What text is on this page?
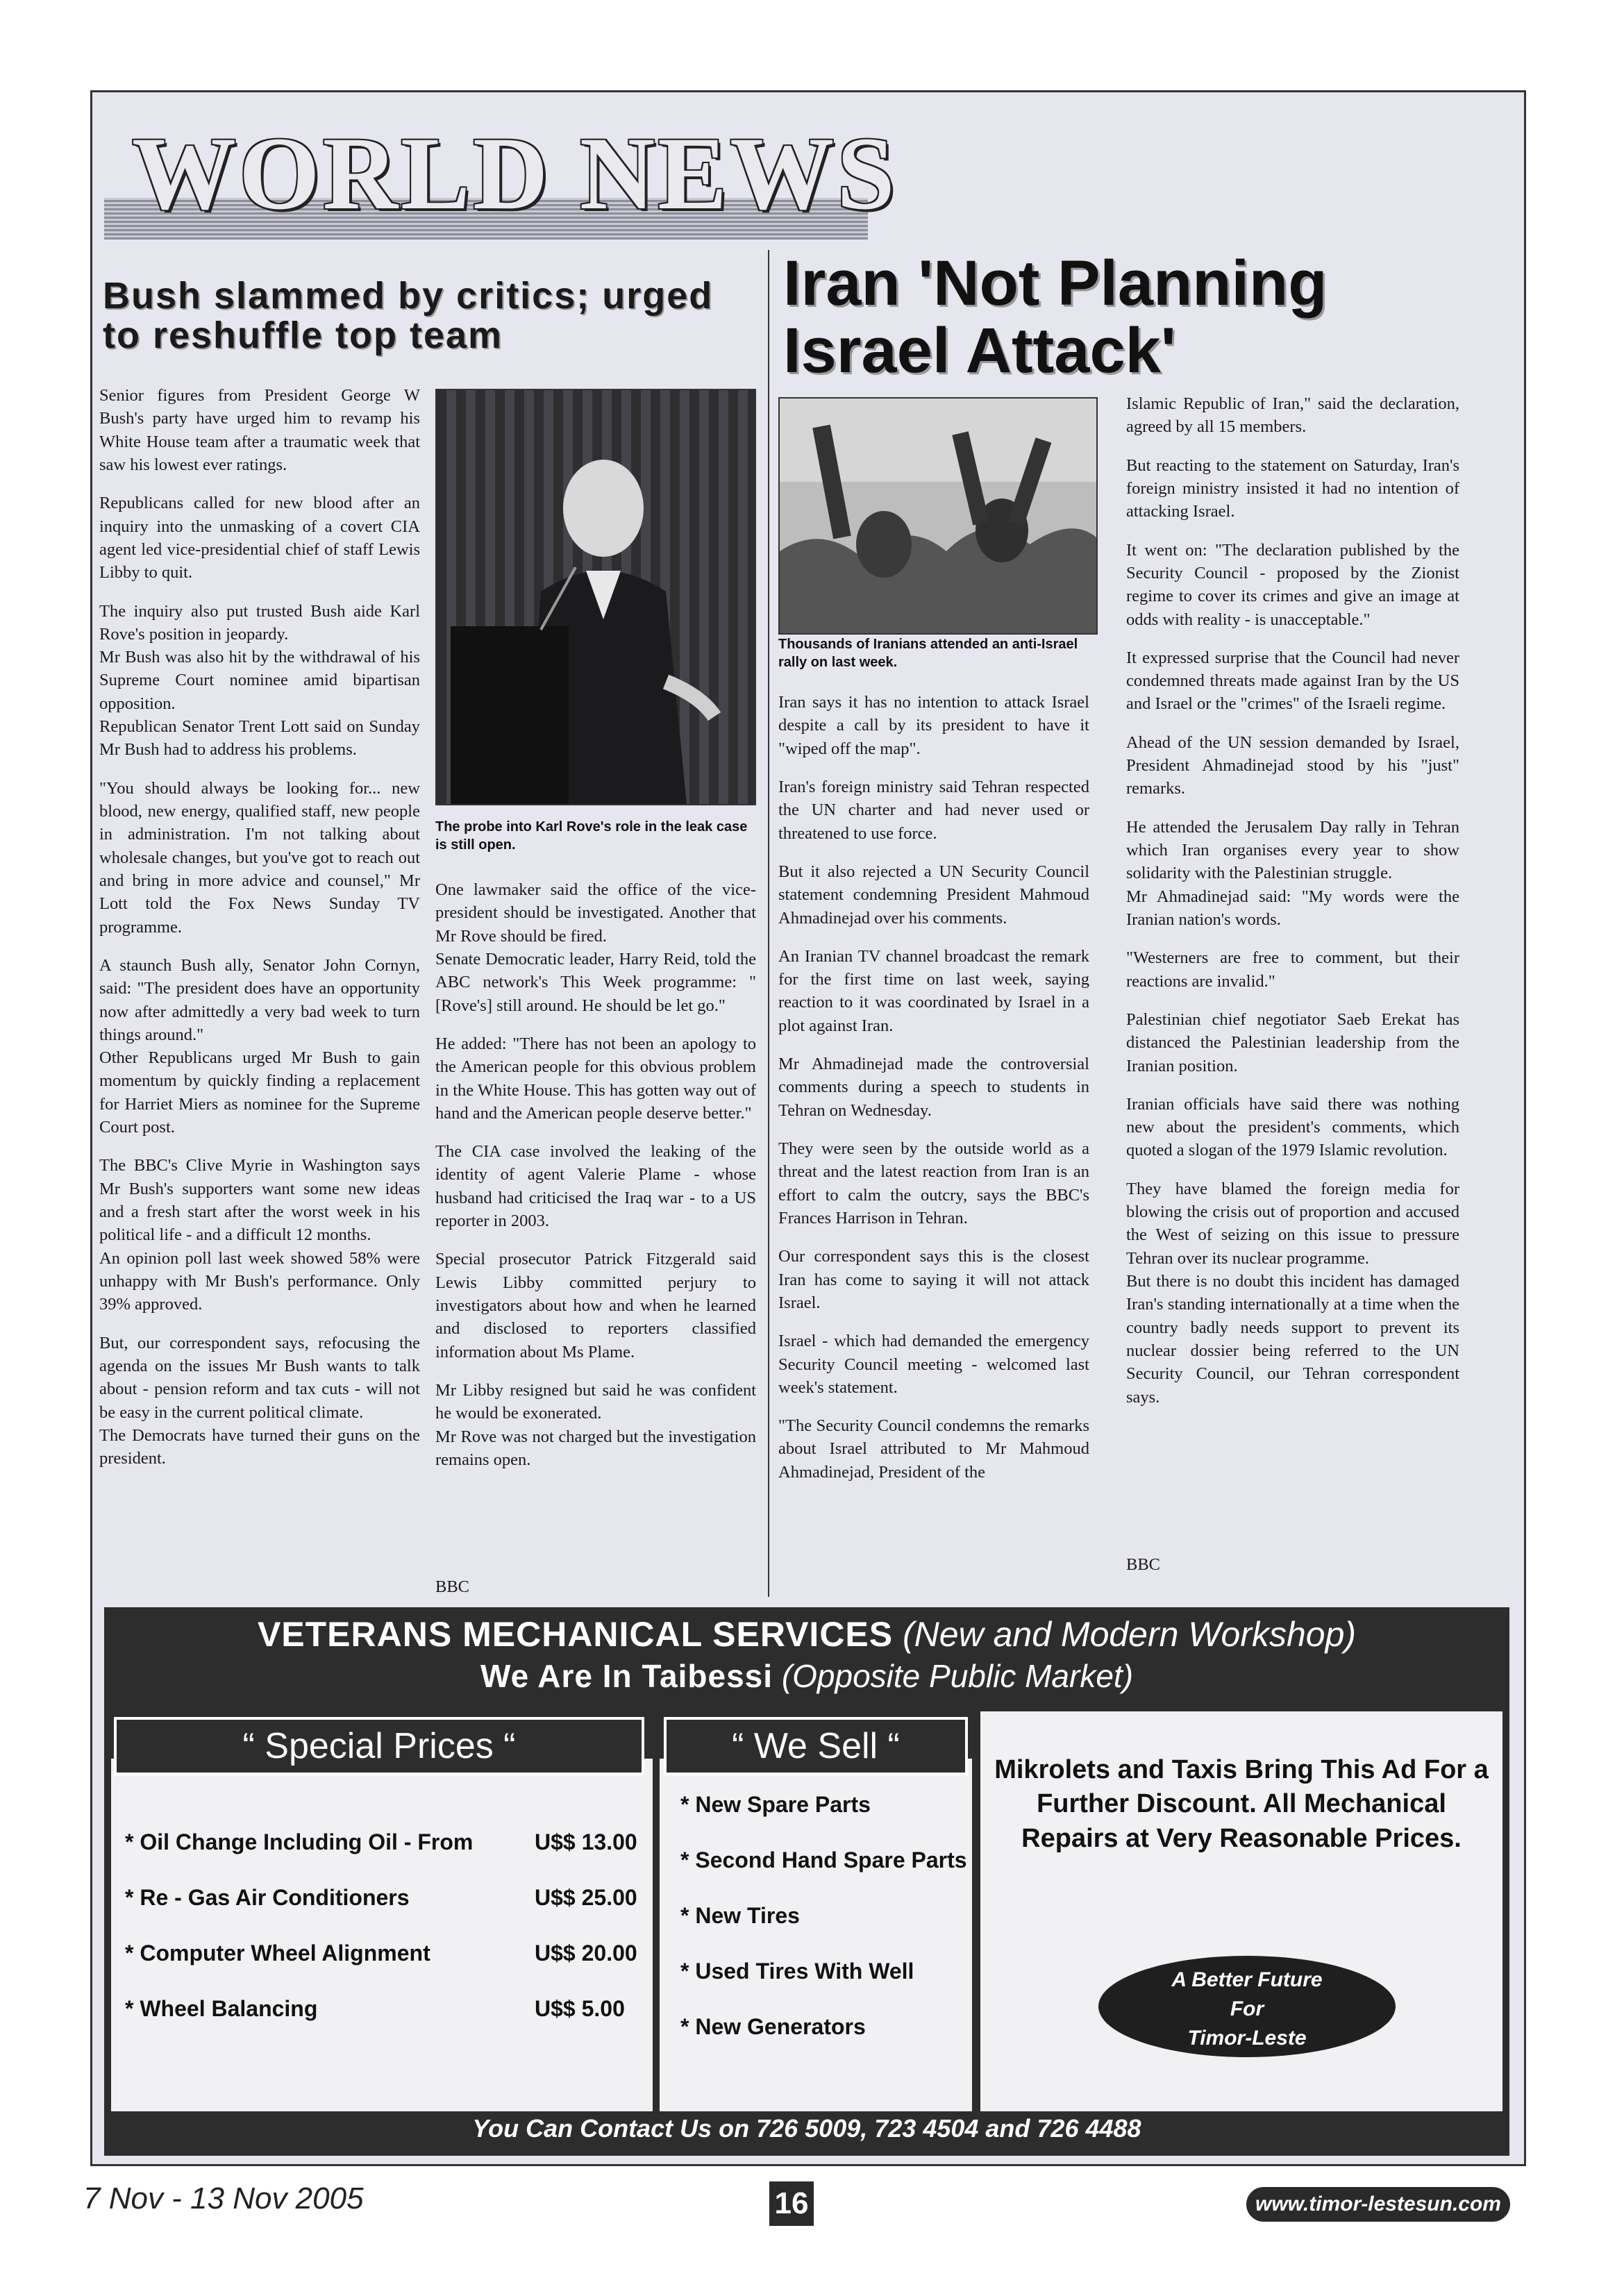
WORLD NEWS
Bush slammed by critics; urged to reshuffle top team

Senior figures from President George W Bush's party have urged him to revamp his White House team after a traumatic week that saw his lowest ever ratings.

Republicans called for new blood after an inquiry into the unmasking of a covert CIA agent led vice-presidential chief of staff Lewis Libby to quit.

The inquiry also put trusted Bush aide Karl Rove's position in jeopardy.

Mr Bush was also hit by the withdrawal of his Supreme Court nominee amid bipartisan opposition.

Republican Senator Trent Lott said on Sunday Mr Bush had to address his problems.

"You should always be looking for... new blood, new energy, qualified staff, new people in administration. I'm not talking about wholesale changes, but you've got to reach out and bring in more advice and counsel," Mr Lott told the Fox News Sunday TV programme.

A staunch Bush ally, Senator John Cornyn, said: "The president does have an opportunity now after admittedly a very bad week to turn things around."

Other Republicans urged Mr Bush to gain momentum by quickly finding a replacement for Harriet Miers as nominee for the Supreme Court post.

The BBC's Clive Myrie in Washington says Mr Bush's supporters want some new ideas and a fresh start after the worst week in his political life - and a difficult 12 months.

An opinion poll last week showed 58% were unhappy with Mr Bush's performance. Only 39% approved.

But, our correspondent says, refocusing the agenda on the issues Mr Bush wants to talk about - pension reform and tax cuts - will not be easy in the current political climate.

The Democrats have turned their guns on the president.

The probe into Karl Rove's role in the leak case is still open.

One lawmaker said the office of the vice-president should be investigated. Another that Mr Rove should be fired.

Senate Democratic leader, Harry Reid, told the ABC network's This Week programme: "[Rove's] still around. He should be let go."

He added: "There has not been an apology to the American people for this obvious problem in the White House. This has gotten way out of hand and the American people deserve better."

The CIA case involved the leaking of the identity of agent Valerie Plame - whose husband had criticised the Iraq war - to a US reporter in 2003.

Special prosecutor Patrick Fitzgerald said Lewis Libby committed perjury to investigators about how and when he learned and disclosed to reporters classified information about Ms Plame.

Mr Libby resigned but said he was confident he would be exonerated.

Mr Rove was not charged but the investigation remains open.

BBC
Iran 'Not Planning Israel Attack'
Thousands of Iranians attended an anti-Israel rally on last week.

Iran says it has no intention to attack Israel despite a call by its president to have it "wiped off the map".

Iran's foreign ministry said Tehran respected the UN charter and had never used or threatened to use force.

But it also rejected a UN Security Council statement condemning President Mahmoud Ahmadinejad over his comments.

An Iranian TV channel broadcast the remark for the first time on last week, saying reaction to it was coordinated by Israel in a plot against Iran.

Mr Ahmadinejad made the controversial comments during a speech to students in Tehran on Wednesday.

They were seen by the outside world as a threat and the latest reaction from Iran is an effort to calm the outcry, says the BBC's Frances Harrison in Tehran.

Our correspondent says this is the closest Iran has come to saying it will not attack Israel.

Israel - which had demanded the emergency Security Council meeting - welcomed last week's statement.

"The Security Council condemns the remarks about Israel attributed to Mr Mahmoud Ahmadinejad, President of the

Islamic Republic of Iran," said the declaration, agreed by all 15 members.

But reacting to the statement on Saturday, Iran's foreign ministry insisted it had no intention of attacking Israel.

It went on: "The declaration published by the Security Council - proposed by the Zionist regime to cover its crimes and give an image at odds with reality - is unacceptable."

It expressed surprise that the Council had never condemned threats made against Iran by the US and Israel or the "crimes" of the Israeli regime.

Ahead of the UN session demanded by Israel, President Ahmadinejad stood by his "just" remarks.

He attended the Jerusalem Day rally in Tehran which Iran organises every year to show solidarity with the Palestinian struggle.

Mr Ahmadinejad said: "My words were the Iranian nation's words.

"Westerners are free to comment, but their reactions are invalid."

Palestinian chief negotiator Saeb Erekat has distanced the Palestinian leadership from the Iranian position.

Iranian officials have said there was nothing new about the president's comments, which quoted a slogan of the 1979 Islamic revolution.

They have blamed the foreign media for blowing the crisis out of proportion and accused the West of seizing on this issue to pressure Tehran over its nuclear programme.

But there is no doubt this incident has damaged Iran's standing internationally at a time when the country badly needs support to prevent its nuclear dossier being referred to the UN Security Council, our Tehran correspondent says.

BBC
VETERANS MECHANICAL SERVICES (New and Modern Workshop)
We Are In Taibessi (Opposite Public Market)
* Oil Change Including Oil - From	U$$ 13.00
* Re - Gas Air Conditioners	U$$ 25.00
* Computer Wheel Alignment	U$$ 20.00
* Wheel Balancing	U$$ 5.00
“ Special Prices “
* New Spare Parts
* Second Hand Spare Parts
* New Tires
* Used Tires With Well
* New Generators
“ We Sell “
Mikrolets and Taxis Bring This Ad For a Further Discount. All Mechanical Repairs at Very Reasonable Prices.
A Better Future
For
Timor-Leste
You Can Contact Us on 726 5009, 723 4504 and 726 4488
7 Nov - 13 Nov 2005	16	www.timor-lestesun.com
